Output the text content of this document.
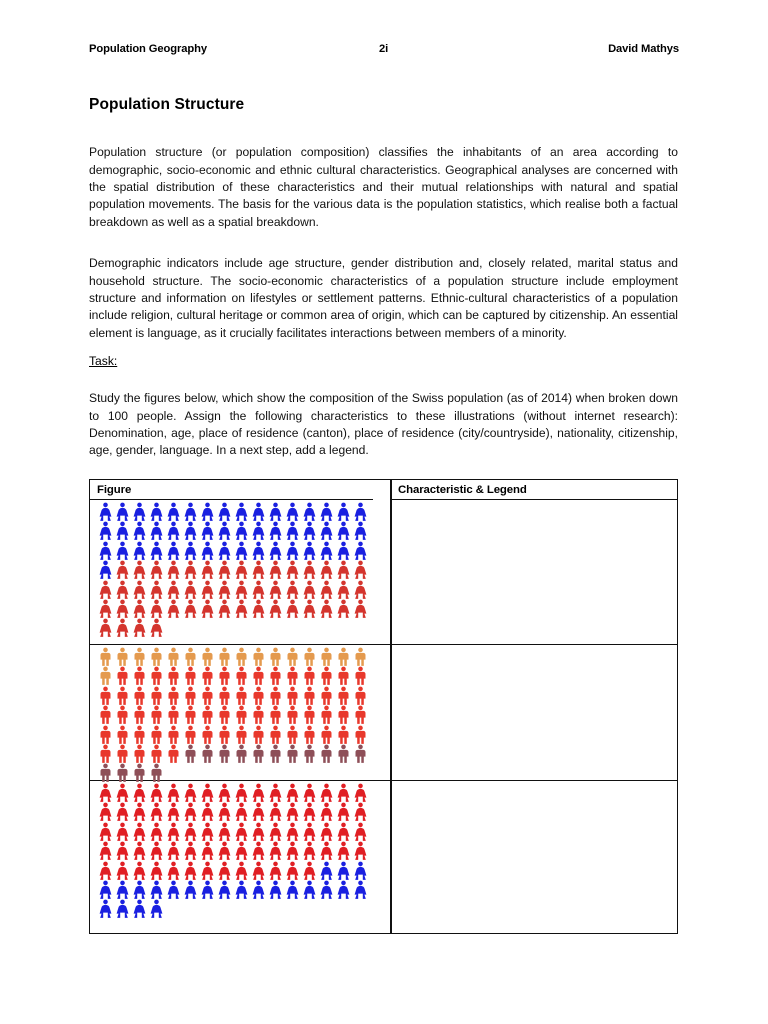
Population Geography	2i	David Mathys
Population Structure

Population structure (or population composition) classifies the inhabitants of an area according to demographic, socio-economic and ethnic cultural characteristics. Geographical analyses are concerned with the spatial distribution of these characteristics and their mutual relationships with natural and spatial population movements. The basis for the various data is the population statistics, which realise both a factual breakdown as well as a spatial breakdown.

Demographic indicators include age structure, gender distribution and, closely related, marital status and household structure. The socio-economic characteristics of a population structure include employment structure and information on lifestyles or settlement patterns. Ethnic-cultural characteristics of a population include religion, cultural heritage or common area of origin, which can be captured by citizenship. An essential element is language, as it crucially facilitates interactions between members of a minority.

Task:

Study the figures below, which show the composition of the Swiss population (as of 2014) when broken down to 100 people. Assign the following characteristics to these illustrations (without internet research): Denomination, age, place of residence (canton), place of residence (city/countryside), nationality, citizenship, age, gender, language. In a next step, add a legend.

Figure	Characteristic & Legend
